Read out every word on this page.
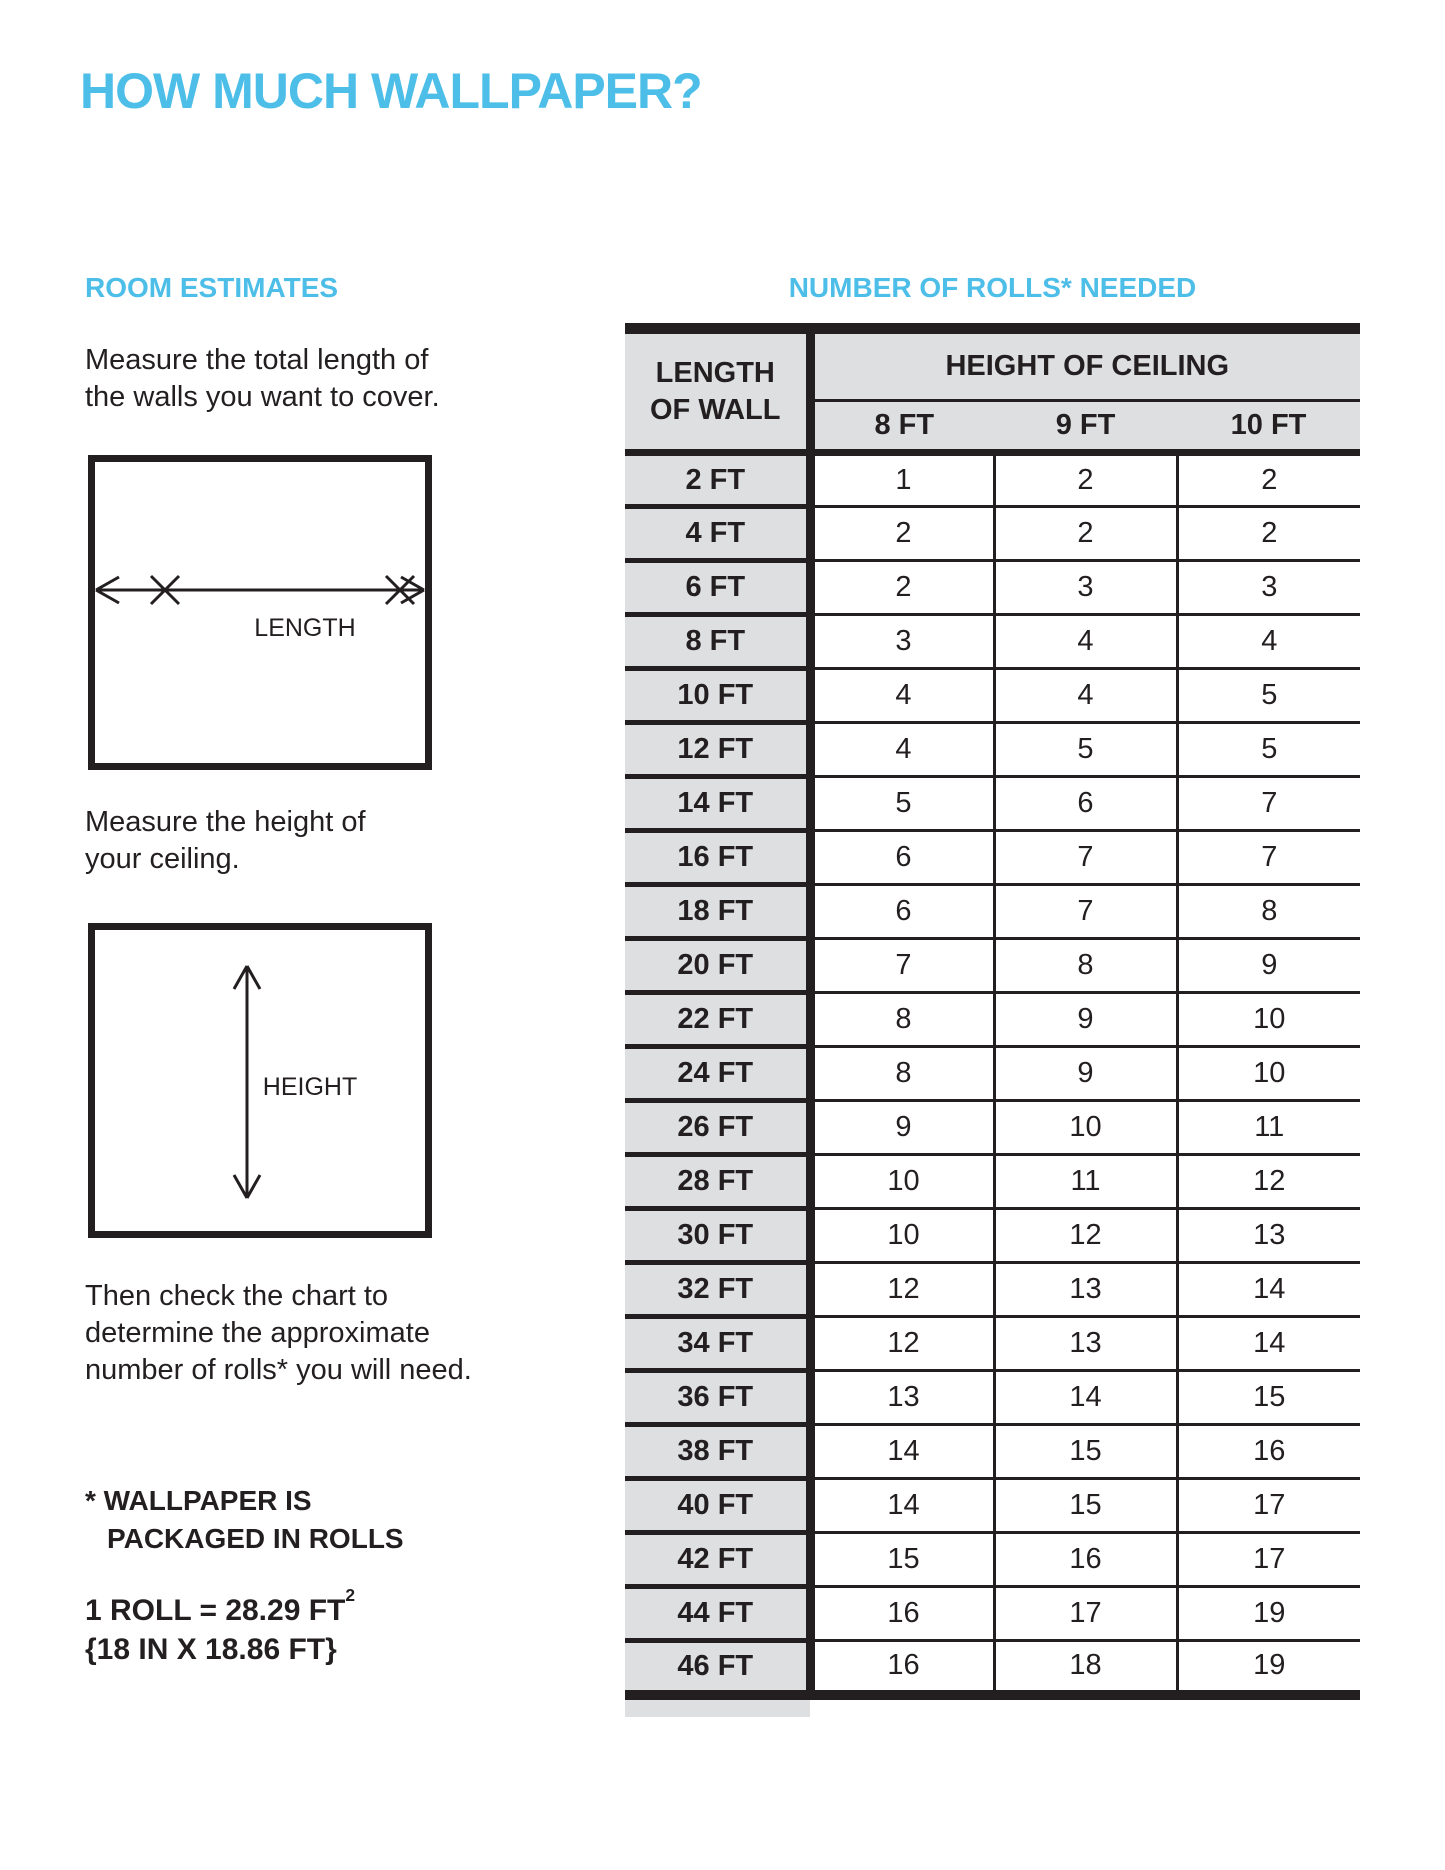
HOW MUCH WALLPAPER?
ROOM ESTIMATES

Measure the total length of
the walls you want to cover.

CEILING
FLOOR
LENGTH

Measure the height of
your ceiling.

CEILING
FLOOR
HEIGHT

Then check the chart to
determine the approximate
number of rolls* you will need.

* WALLPAPER IS
PACKAGED IN ROLLS

1 ROLL = 28.29 $FT^2$
{18 IN X 18.86 FT}

NUMBER OF ROLLS* NEEDED
LENGTH
OF WALL	HEIGHT OF CEILING		
	8 FT	9 FT	10 FT
2 FT	1	2	2
4 FT	2	2	2
6 FT	2	3	3
8 FT	3	4	4
10 FT	4	4	5
12 FT	4	5	5
14 FT	5	6	7
16 FT	6	7	7
18 FT	6	7	8
20 FT	7	8	9
22 FT	8	9	10
24 FT	8	9	10
26 FT	9	10	11
28 FT	10	11	12
30 FT	10	12	13
32 FT	12	13	14
34 FT	12	13	14
36 FT	13	14	15
38 FT	14	15	16
40 FT	14	15	17
42 FT	15	16	17
44 FT	16	17	19
46 FT	16	18	19
